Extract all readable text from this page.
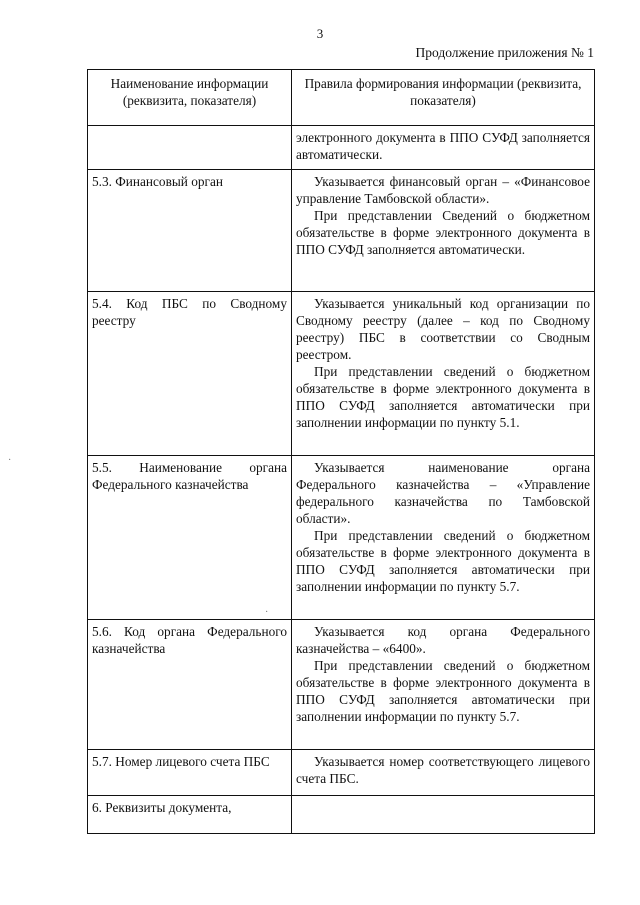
3
Продолжение приложения № 1
Наименование информации (реквизита, показателя)	Правила формирования информации (реквизита, показателя)

	электронного документа в ППО СУФД заполняется автоматически.

5.3. Финансовый орган	Указывается финансовый орган – «Финансовое управление Тамбовской области».
При представлении Сведений о бюджетном обязательстве в форме электронного документа в ППО СУФД заполняется автоматически.

5.4. Код ПБС по Сводному реестру	Указывается уникальный код организации по Сводному реестру (далее – код по Сводному реестру) ПБС в соответствии со Сводным реестром.
При представлении сведений о бюджетном обязательстве в форме электронного документа в ППО СУФД заполняется автоматически при заполнении информации по пункту 5.1.

5.5. Наименование органа Федерального казначейства	Указывается наименование органа Федерального казначейства – «Управление федерального казначейства по Тамбовской области».
При представлении сведений о бюджетном обязательстве в форме электронного документа в ППО СУФД заполняется автоматически при заполнении информации по пункту 5.7.

5.6. Код органа Федерального казначейства	Указывается код органа Федерального казначейства – «6400».
При представлении сведений о бюджетном обязательстве в форме электронного документа в ППО СУФД заполняется автоматически при заполнении информации по пункту 5.7.

5.7. Номер лицевого счета ПБС	Указывается номер соответствующего лицевого счета ПБС.

6. Реквизиты документа,	
·
·
